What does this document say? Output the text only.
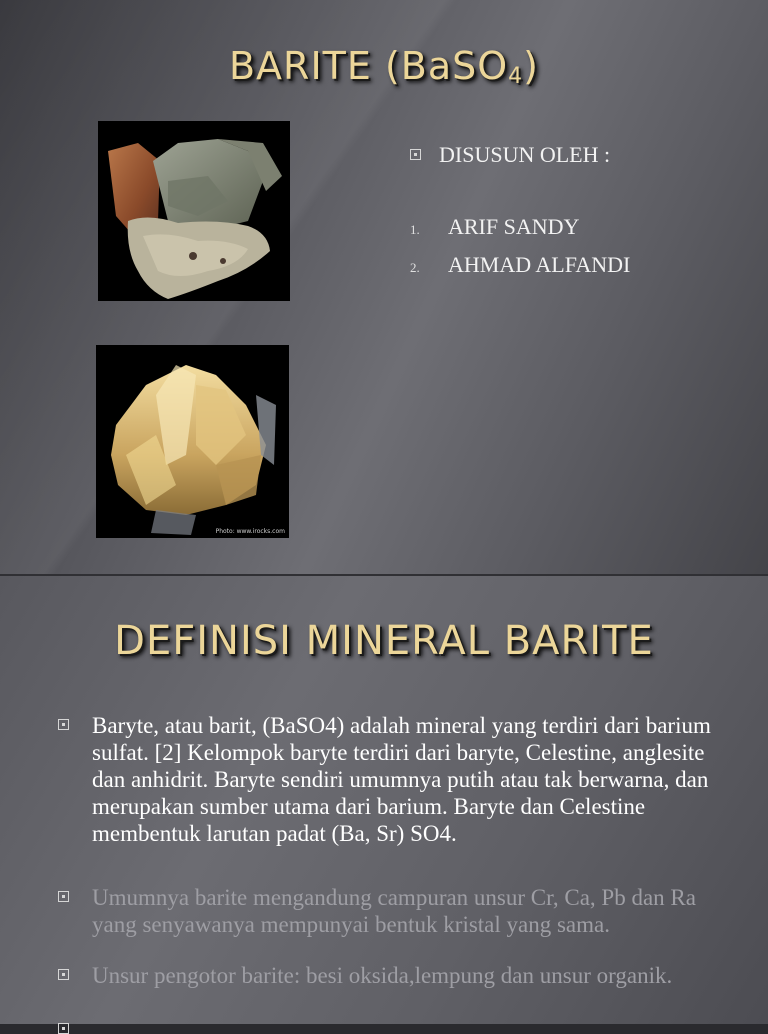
BARITE (BaSO$_4$)
Photo: www.irocks.com
DISUSUN OLEH :
1. ARIF SANDY
2. AHMAD ALFANDI
DEFINISI MINERAL BARITE
Baryte, atau barit, (BaSO4) adalah mineral yang terdiri dari barium sulfat. [2] Kelompok baryte terdiri dari baryte, Celestine, anglesite dan anhidrit. Baryte sendiri umumnya putih atau tak berwarna, dan merupakan sumber utama dari barium. Baryte dan Celestine membentuk larutan padat (Ba, Sr) SO4.
Umumnya barite mengandung campuran unsur Cr, Ca, Pb dan Ra yang senyawanya mempunyai bentuk kristal yang sama.
Unsur pengotor barite: besi oksida,lempung dan unsur organik.
